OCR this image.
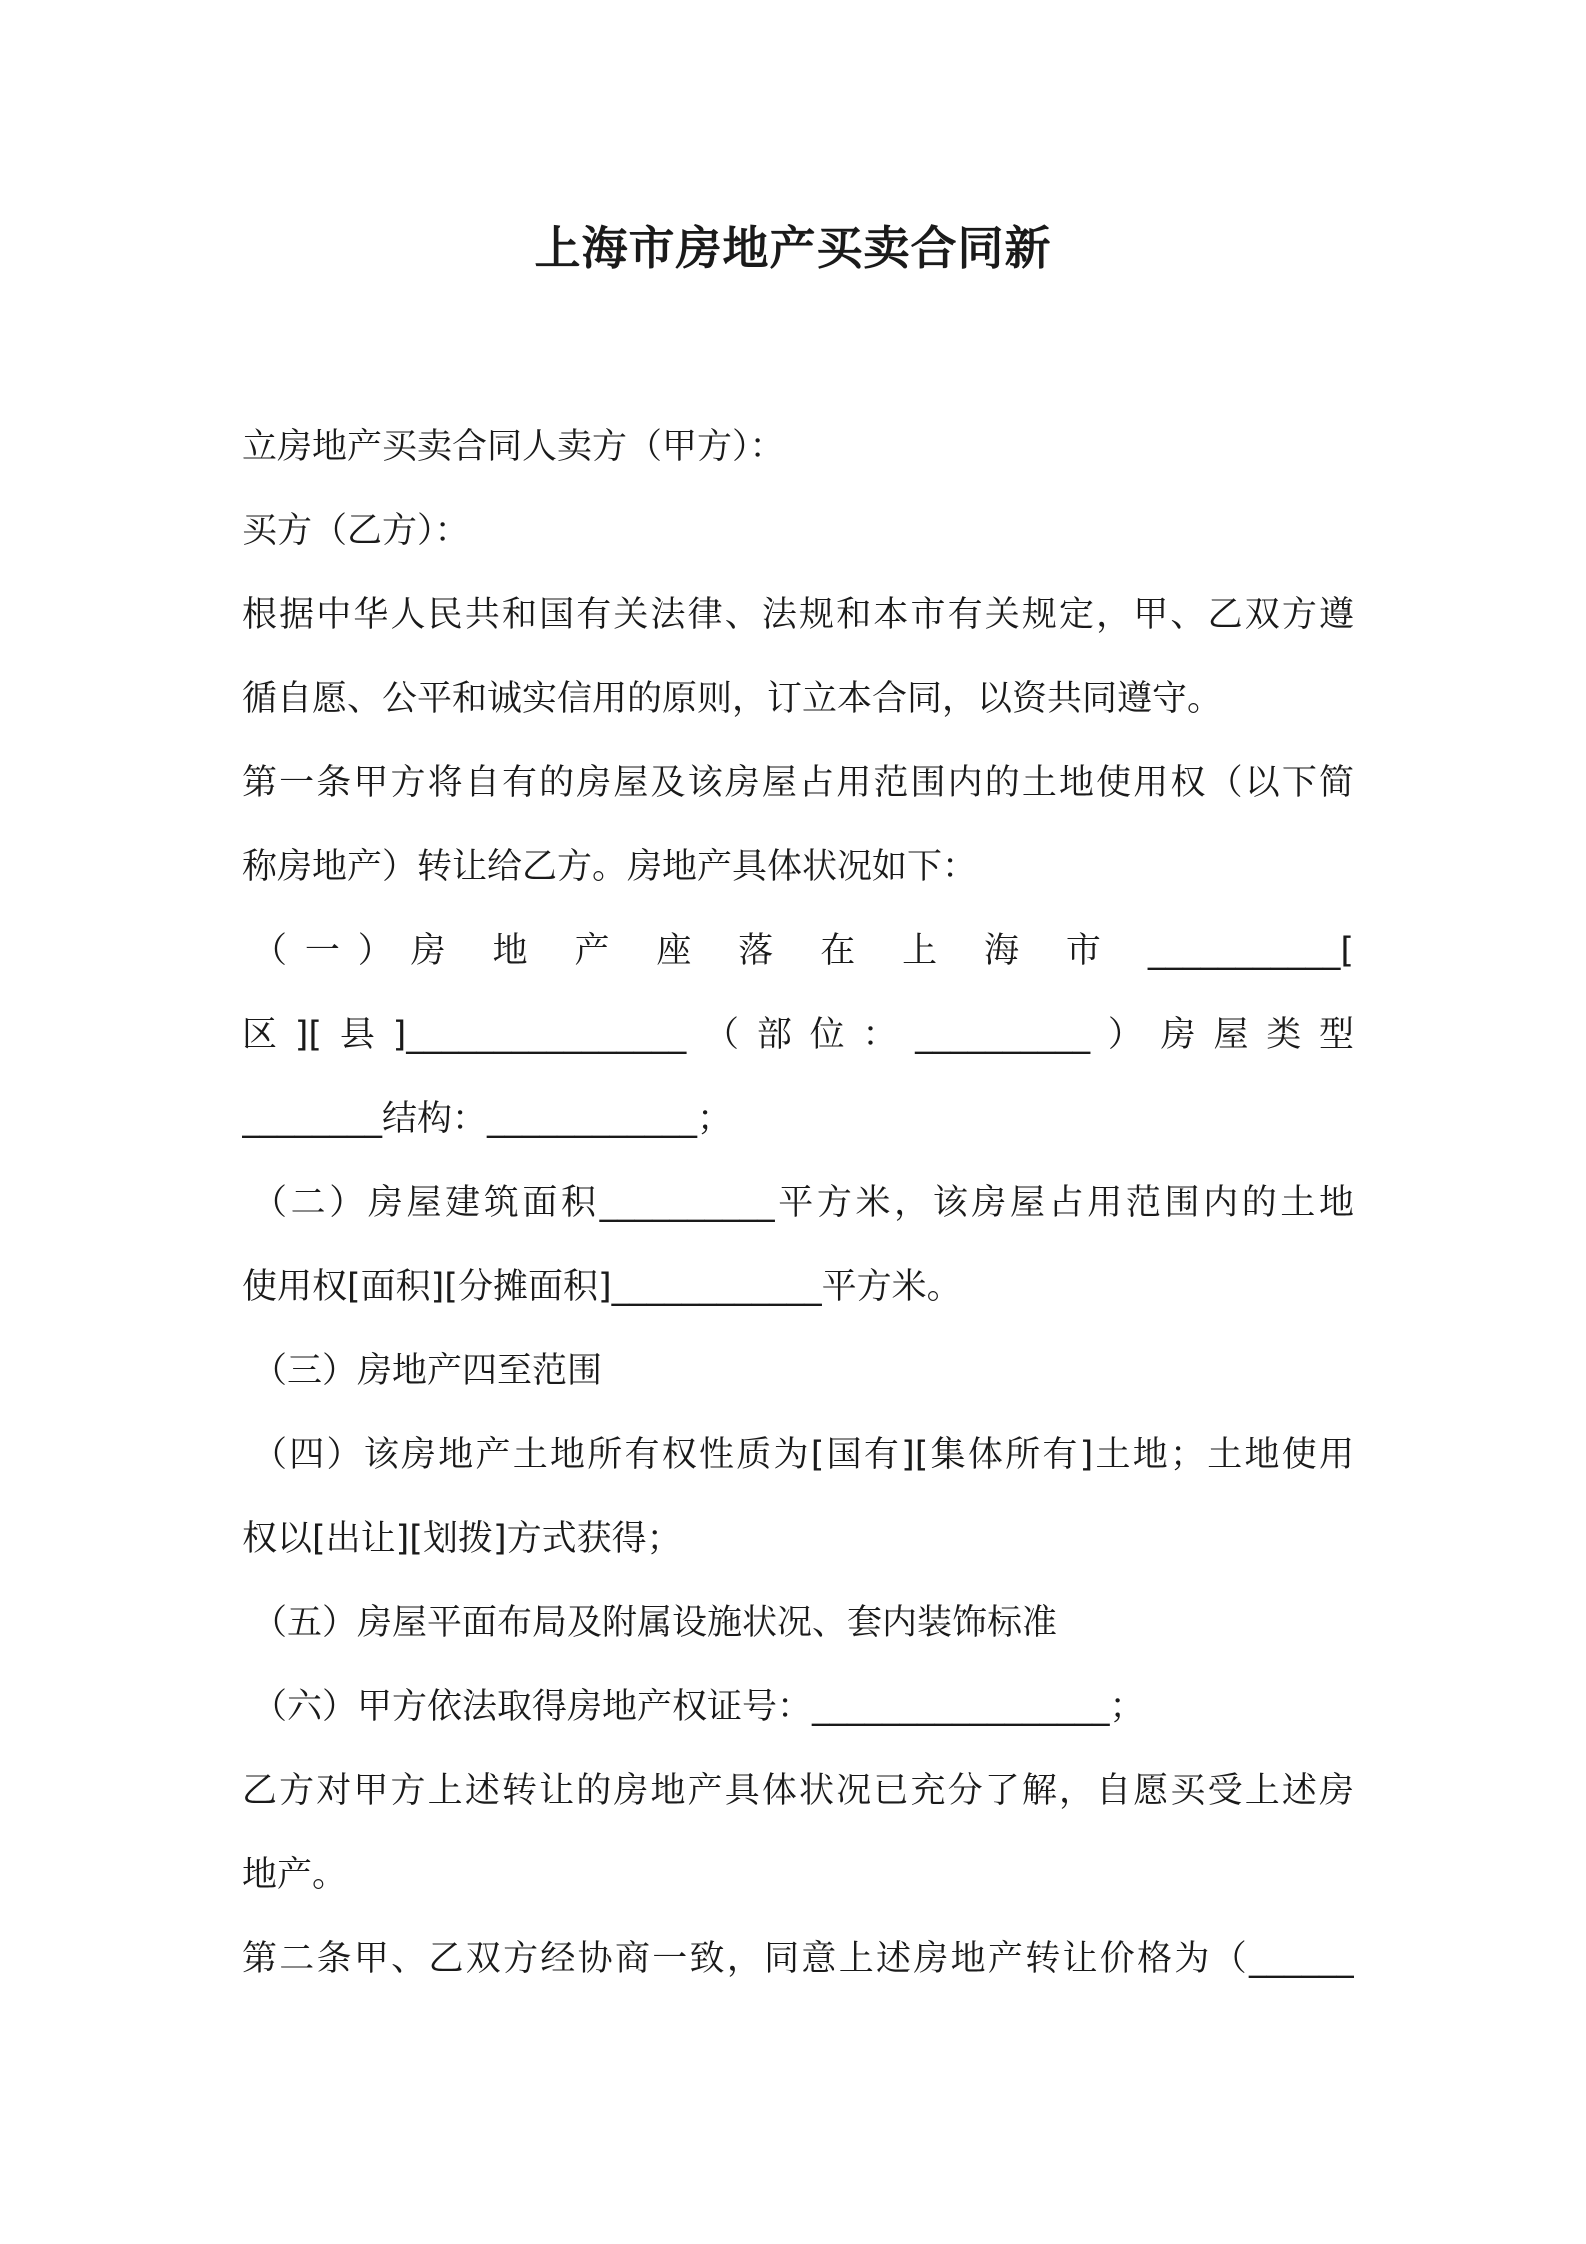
上海市房地产买卖合同新
立房地产买卖合同人卖方（甲方）：
买方（乙方）：
根据中华人民共和国有关法律、法规和本市有关规定，甲、乙双方遵
循自愿、公平和诚实信用的原则，订立本合同，以资共同遵守。
第一条甲方将自有的房屋及该房屋占用范围内的土地使用权（以下简
称房地产）转让给乙方。房地产具体状况如下：
（一）房 地 产 座 落 在 上 海 市 ___________[
区][县]________________（部位：__________）房屋类型
________结构：____________；
（二）房屋建筑面积__________平方米，该房屋占用范围内的土地
使用权[面积][分摊面积]____________平方米。
（三）房地产四至范围
（四）该房地产土地所有权性质为[国有][集体所有]土地；土地使用
权以[出让][划拨]方式获得；
（五）房屋平面布局及附属设施状况、套内装饰标准
（六）甲方依法取得房地产权证号：_________________；
乙方对甲方上述转让的房地产具体状况已充分了解，自愿买受上述房
地产。
第二条甲、乙双方经协商一致，同意上述房地产转让价格为（______
